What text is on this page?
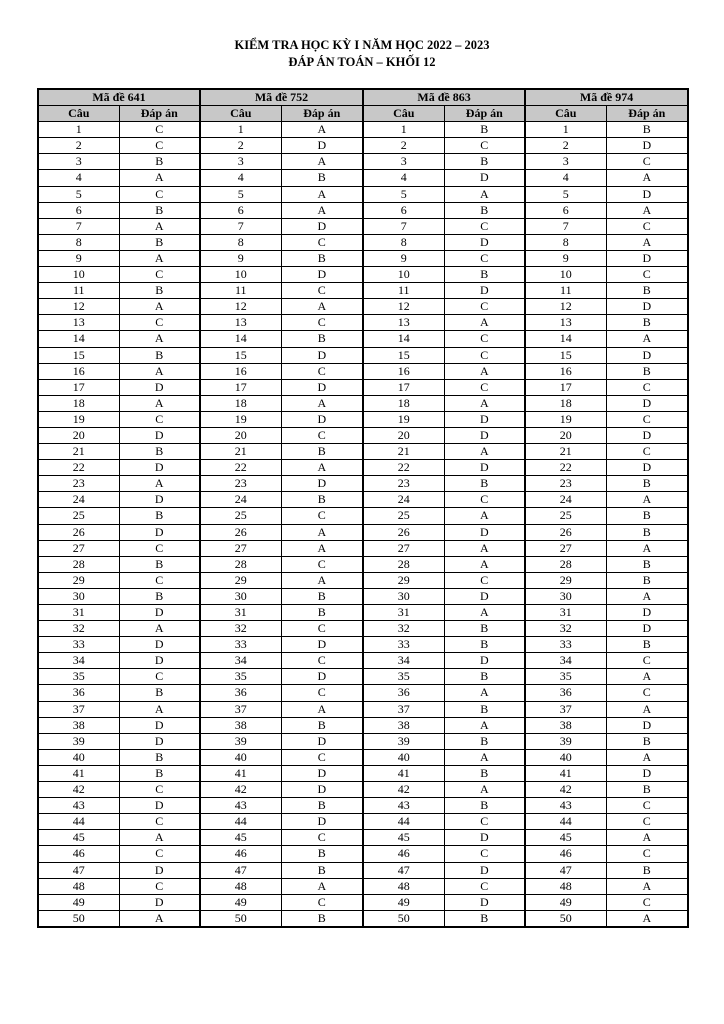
KIỂM TRA HỌC KỲ I NĂM HỌC 2022 – 2023
ĐÁP ÁN TOÁN – KHỐI 12
Mã đề 641		Mã đề 752		Mã đề 863		Mã đề 974	
Câu	Đáp án	Câu	Đáp án	Câu	Đáp án	Câu	Đáp án
1	C	1	A	1	B	1	B
2	C	2	D	2	C	2	D
3	B	3	A	3	B	3	C
4	A	4	B	4	D	4	A
5	C	5	A	5	A	5	D
6	B	6	A	6	B	6	A
7	A	7	D	7	C	7	C
8	B	8	C	8	D	8	A
9	A	9	B	9	C	9	D
10	C	10	D	10	B	10	C
11	B	11	C	11	D	11	B
12	A	12	A	12	C	12	D
13	C	13	C	13	A	13	B
14	A	14	B	14	C	14	A
15	B	15	D	15	C	15	D
16	A	16	C	16	A	16	B
17	D	17	D	17	C	17	C
18	A	18	A	18	A	18	D
19	C	19	D	19	D	19	C
20	D	20	C	20	D	20	D
21	B	21	B	21	A	21	C
22	D	22	A	22	D	22	D
23	A	23	D	23	B	23	B
24	D	24	B	24	C	24	A
25	B	25	C	25	A	25	B
26	D	26	A	26	D	26	B
27	C	27	A	27	A	27	A
28	B	28	C	28	A	28	B
29	C	29	A	29	C	29	B
30	B	30	B	30	D	30	A
31	D	31	B	31	A	31	D
32	A	32	C	32	B	32	D
33	D	33	D	33	B	33	B
34	D	34	C	34	D	34	C
35	C	35	D	35	B	35	A
36	B	36	C	36	A	36	C
37	A	37	A	37	B	37	A
38	D	38	B	38	A	38	D
39	D	39	D	39	B	39	B
40	B	40	C	40	A	40	A
41	B	41	D	41	B	41	D
42	C	42	D	42	A	42	B
43	D	43	B	43	B	43	C
44	C	44	D	44	C	44	C
45	A	45	C	45	D	45	A
46	C	46	B	46	C	46	C
47	D	47	B	47	D	47	B
48	C	48	A	48	C	48	A
49	D	49	C	49	D	49	C
50	A	50	B	50	B	50	A
